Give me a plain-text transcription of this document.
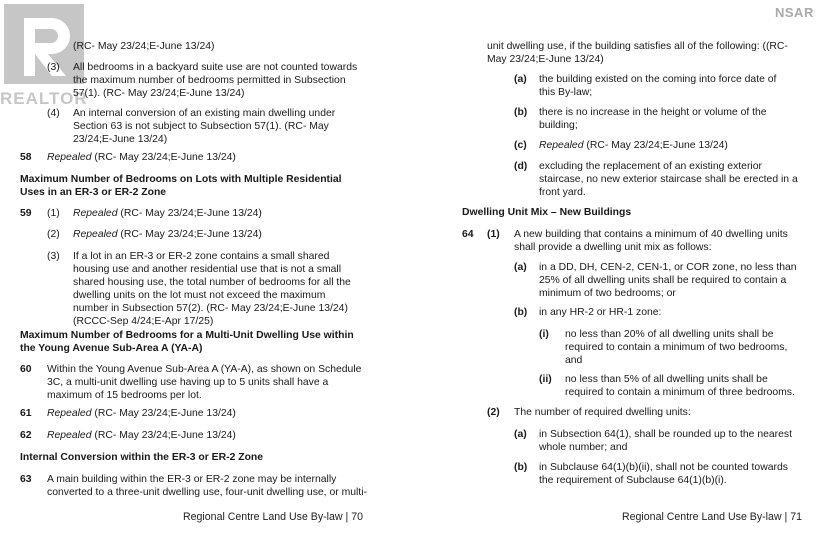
REALTOR
NSAR
(RC- May 23/24;E-June 13/24)
(3) All bedrooms in a backyard suite use are not counted towards the maximum number of bedrooms permitted in Subsection 57(1). (RC- May 23/24;E-June 13/24)
(4) An internal conversion of an existing main dwelling under Section 63 is not subject to Subsection 57(1). (RC- May 23/24;E-June 13/24)
58 Repealed (RC- May 23/24;E-June 13/24)
Maximum Number of Bedrooms on Lots with Multiple Residential Uses in an ER-3 or ER-2 Zone
59 (1) Repealed (RC- May 23/24;E-June 13/24)
(2) Repealed (RC- May 23/24;E-June 13/24)
(3) If a lot in an ER-3 or ER-2 zone contains a small shared housing use and another residential use that is not a small shared housing use, the total number of bedrooms for all the dwelling units on the lot must not exceed the maximum number in Subsection 57(2). (RC- May 23/24;E-June 13/24) (RCCC-Sep 4/24;E-Apr 17/25)
Maximum Number of Bedrooms for a Multi-Unit Dwelling Use within the Young Avenue Sub-Area A (YA-A)
60 Within the Young Avenue Sub-Area A (YA-A), as shown on Schedule 3C, a multi-unit dwelling use having up to 5 units shall have a maximum of 15 bedrooms per lot.
61 Repealed (RC- May 23/24;E-June 13/24)
62 Repealed (RC- May 23/24;E-June 13/24)
Internal Conversion within the ER-3 or ER-2 Zone
63 A main building within the ER-3 or ER-2 zone may be internally converted to a three-unit dwelling use, four-unit dwelling use, or multi-
Regional Centre Land Use By-law | 70
unit dwelling use, if the building satisfies all of the following: ((RC- May 23/24;E-June 13/24)
(a) the building existed on the coming into force date of this By-law;
(b) there is no increase in the height or volume of the building;
(c) Repealed (RC- May 23/24;E-June 13/24)
(d) excluding the replacement of an existing exterior staircase, no new exterior staircase shall be erected in a front yard.
Dwelling Unit Mix – New Buildings
64 (1) A new building that contains a minimum of 40 dwelling units shall provide a dwelling unit mix as follows:
(a) in a DD, DH, CEN-2, CEN-1, or COR zone, no less than 25% of all dwelling units shall be required to contain a minimum of two bedrooms; or
(b) in any HR-2 or HR-1 zone:
(i) no less than 20% of all dwelling units shall be required to contain a minimum of two bedrooms, and
(ii) no less than 5% of all dwelling units shall be required to contain a minimum of three bedrooms.
(2) The number of required dwelling units:
(a) in Subsection 64(1), shall be rounded up to the nearest whole number; and
(b) in Subclause 64(1)(b)(ii), shall not be counted towards the requirement of Subclause 64(1)(b)(i).
Regional Centre Land Use By-law | 71
